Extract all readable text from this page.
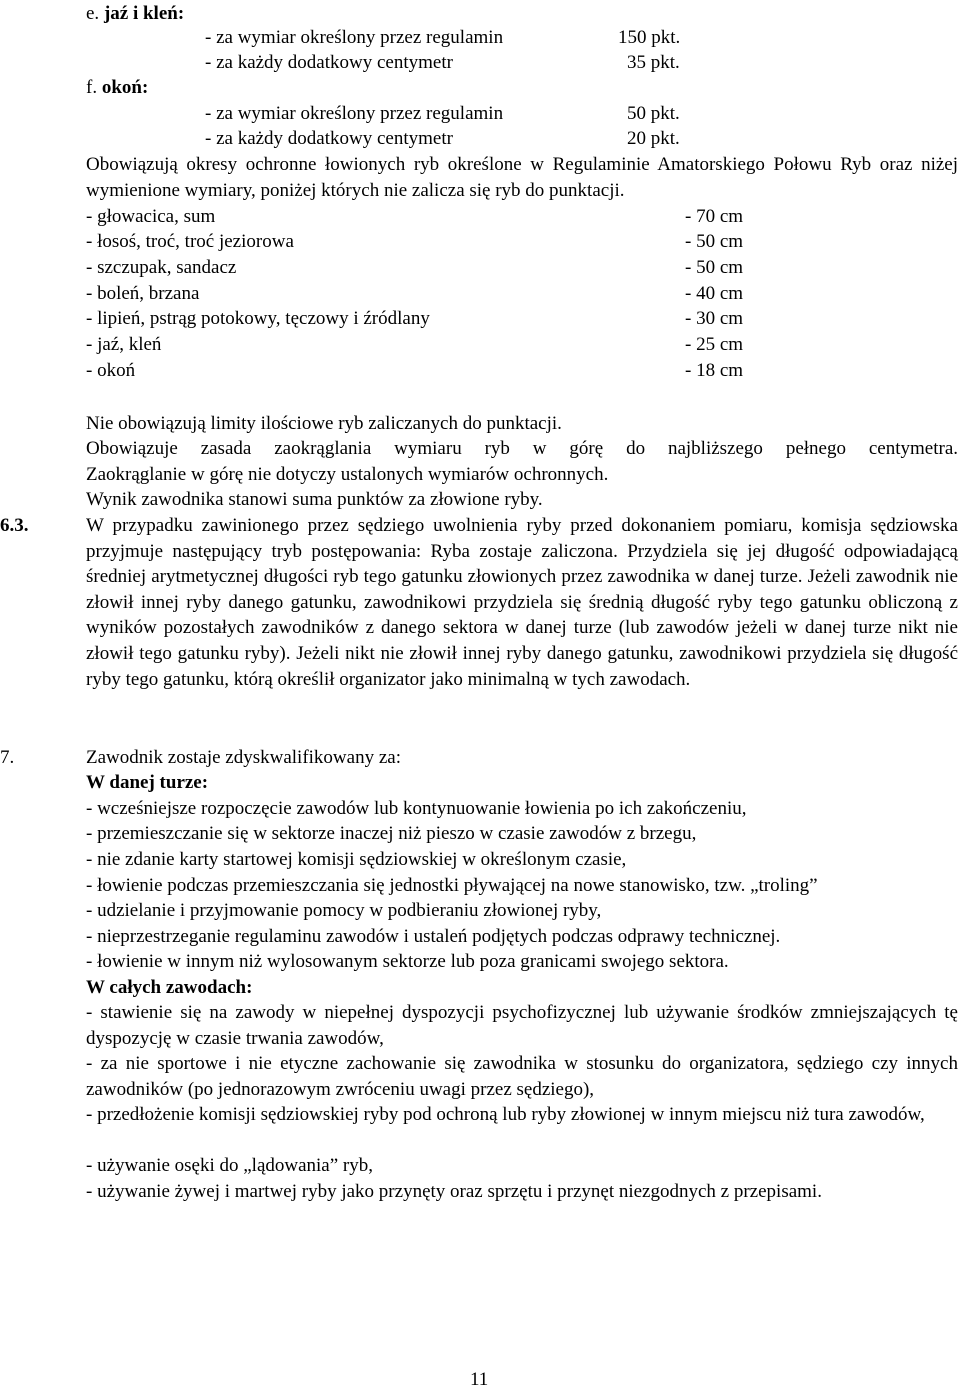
e. jaź i kleń:
- za wymiar określony przez regulamin	150 pkt.
- za każdy dodatkowy centymetr	35 pkt.
f. okoń:
- za wymiar określony przez regulamin	50 pkt.
- za każdy dodatkowy centymetr	20 pkt.
Obowiązują okresy ochronne łowionych ryb określone w Regulaminie Amatorskiego Połowu Ryb oraz niżej wymienione wymiary, poniżej których nie zalicza się ryb do punktacji.
- głowacica, sum	- 70 cm
- łosoś, troć, troć jeziorowa	- 50 cm
- szczupak, sandacz	- 50 cm
- boleń, brzana	- 40 cm
- lipień, pstrąg potokowy, tęczowy i źródlany	- 30 cm
- jaź, kleń	- 25 cm
- okoń	- 18 cm
Nie obowiązują limity ilościowe ryb zaliczanych do punktacji.
Obowiązuje zasada zaokrąglania wymiaru ryb w górę do najbliższego pełnego centymetra.
Zaokrąglanie w górę nie dotyczy ustalonych wymiarów ochronnych.
Wynik zawodnika stanowi suma punktów za złowione ryby.
6.3.	W przypadku zawinionego przez sędziego uwolnienia ryby przed dokonaniem pomiaru, komisja sędziowska przyjmuje następujący tryb postępowania: Ryba zostaje zaliczona. Przydziela się jej długość odpowiadającą średniej arytmetycznej długości ryb tego gatunku złowionych przez zawodnika w danej turze. Jeżeli zawodnik nie złowił innej ryby danego gatunku, zawodnikowi przydziela się średnią długość ryby tego gatunku obliczoną z wyników pozostałych zawodników z danego sektora w danej turze (lub zawodów jeżeli w danej turze nikt nie złowił tego gatunku ryby). Jeżeli nikt nie złowił innej ryby danego gatunku, zawodnikowi przydziela się długość ryby tego gatunku, którą określił organizator jako minimalną w tych zawodach.
7.	Zawodnik zostaje zdyskwalifikowany za:
W danej turze:
- wcześniejsze rozpoczęcie zawodów lub kontynuowanie łowienia po ich zakończeniu,
- przemieszczanie się w sektorze inaczej niż pieszo w czasie zawodów z brzegu,
- nie zdanie karty startowej komisji sędziowskiej w określonym czasie,
- łowienie podczas przemieszczania się jednostki pływającej na nowe stanowisko, tzw. „troling”
- udzielanie i przyjmowanie pomocy w podbieraniu złowionej ryby,
- nieprzestrzeganie regulaminu zawodów i ustaleń podjętych podczas odprawy technicznej.
- łowienie w innym niż wylosowanym sektorze lub poza granicami swojego sektora.
W całych zawodach:
- stawienie się na zawody w niepełnej dyspozycji psychofizycznej lub używanie środków zmniejszających tę dyspozycję w czasie trwania zawodów,
- za nie sportowe i nie etyczne zachowanie się zawodnika w stosunku do organizatora, sędziego czy innych zawodników (po jednorazowym zwróceniu uwagi przez sędziego),
- przedłożenie komisji sędziowskiej ryby pod ochroną lub ryby złowionej w innym miejscu niż tura zawodów,
- używanie osęki do „lądowania” ryb,
- używanie żywej i martwej ryby jako przynęty oraz sprzętu i przynęt niezgodnych z przepisami.
11
